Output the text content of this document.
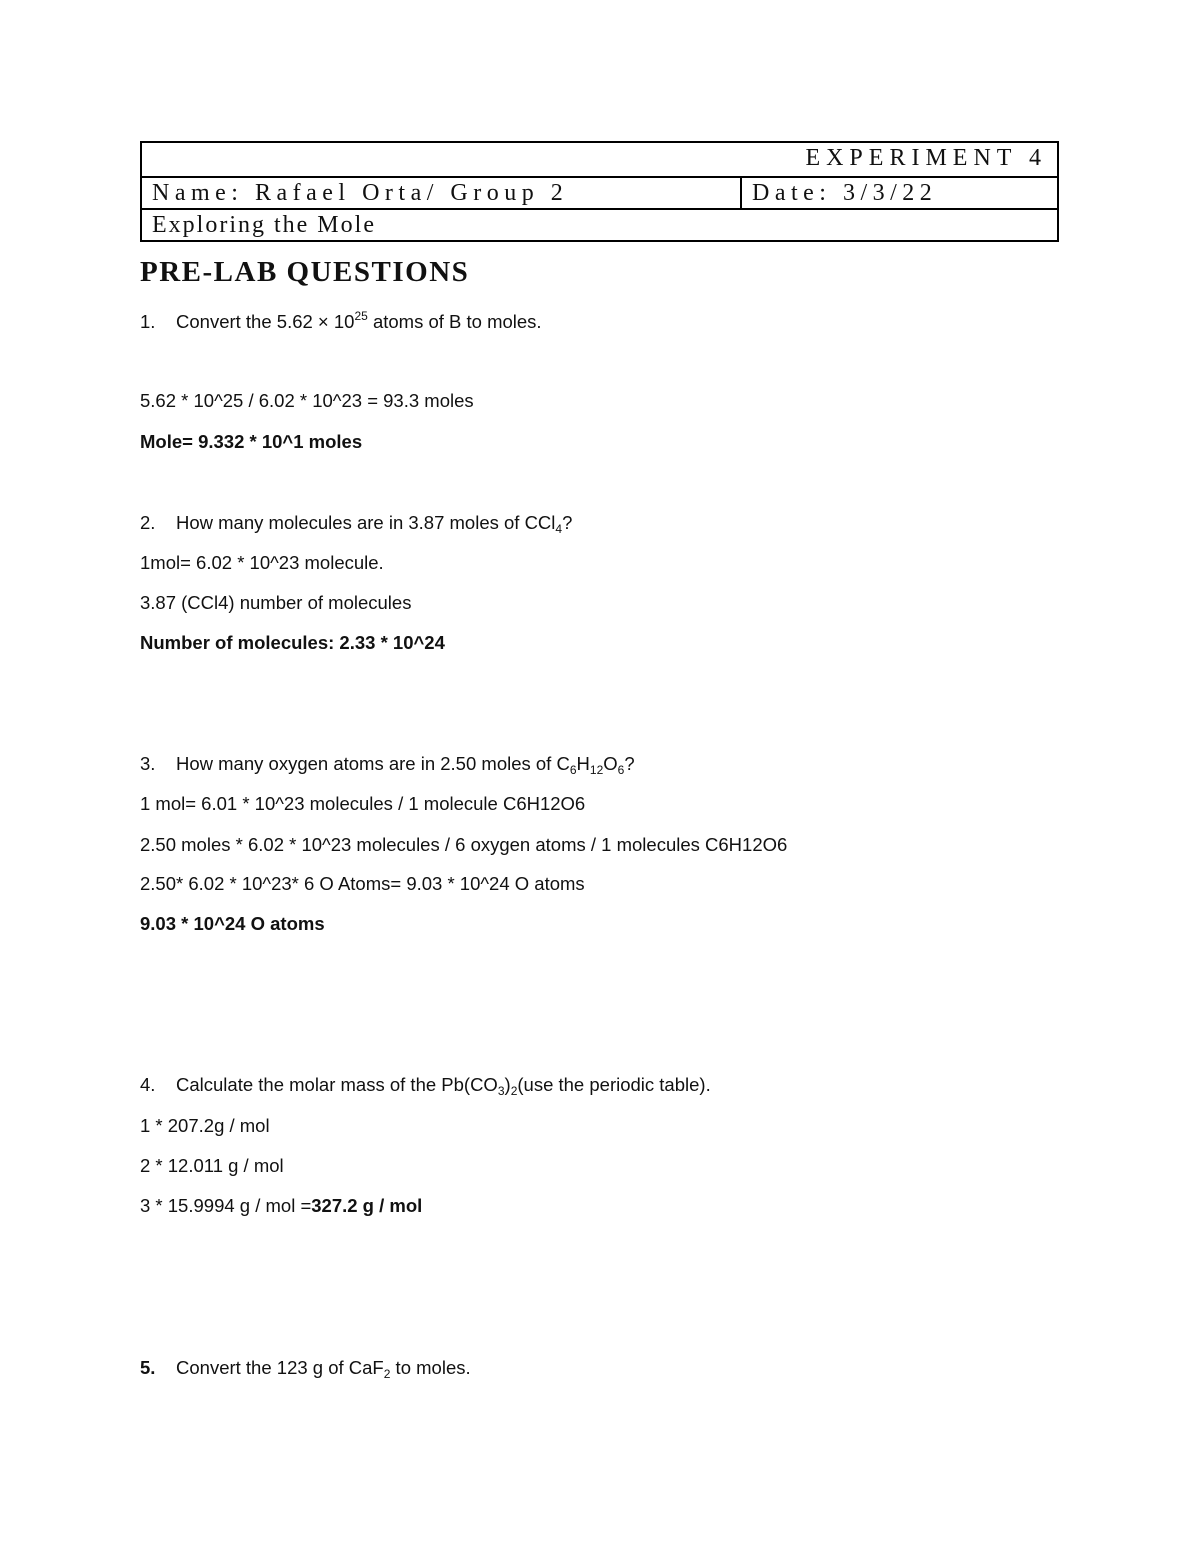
EXPERIMENT 4
Name: Rafael Orta/ Group 2	Date: 3/3/22
Exploring the Mole
PRE-LAB QUESTIONS
1. Convert the $5.62 \times 10^{25}$ atoms of B to moles.
5.62 * 10^25 / 6.02 * 10^23 = 93.3 moles
Mole= 9.332 * 10^1 moles
2. How many molecules are in 3.87 moles of CCl$_4$?
1mol= 6.02 * 10^23 molecule.
3.87 (CCl4) number of molecules
Number of molecules: 2.33 * 10^24
3. How many oxygen atoms are in 2.50 moles of $C_6H_{12}O_6$?
1 mol= 6.01 * 10^23 molecules / 1 molecule C6H12O6
2.50 moles * 6.02 * 10^23 molecules / 6 oxygen atoms / 1 molecules C6H12O6
2.50* 6.02 * 10^23* 6 O Atoms= 9.03 * 10^24 O atoms
9.03 * 10^24 O atoms
4. Calculate the molar mass of the $Pb(CO_3)_2(use$ the periodic table).
1 * 207.2g / mol
2 * 12.011 g / mol
3 * 15.9994 g / mol =327.2 g / mol
5. Convert the 123 g of CaF$_2$ to moles.
